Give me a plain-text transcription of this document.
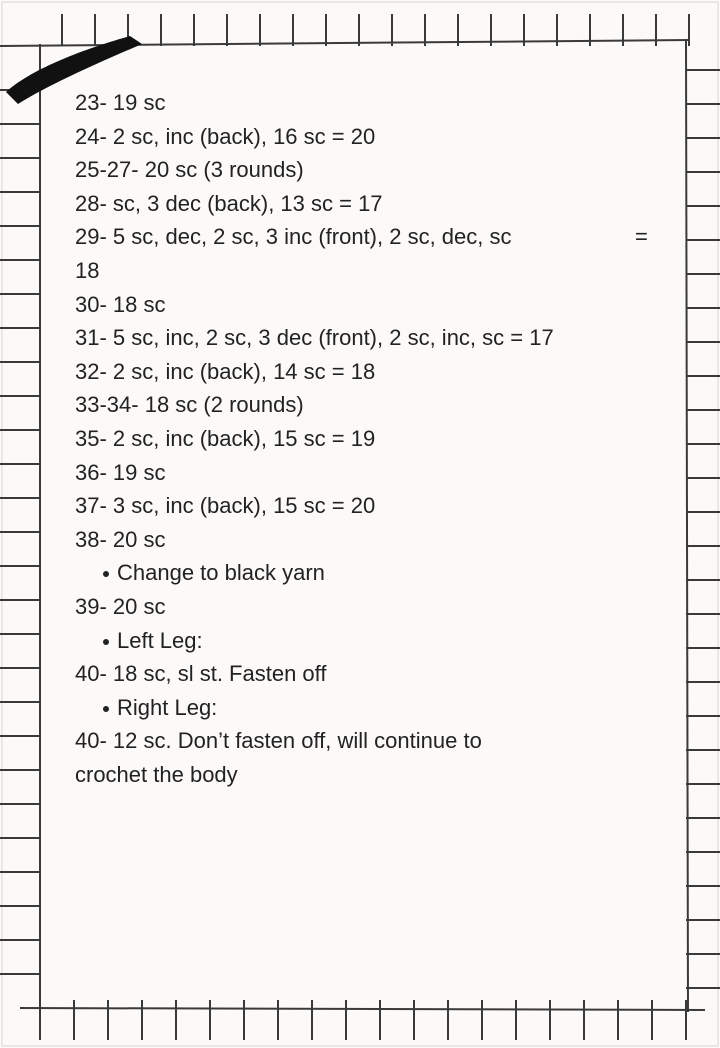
23- 19 sc
24- 2 sc, inc (back), 16 sc = 20
25-27- 20 sc (3 rounds)
28- sc, 3 dec (back), 13 sc = 17
29- 5 sc, dec, 2 sc, 3 inc (front), 2 sc, dec, sc	=
18
30- 18 sc
31- 5 sc, inc, 2 sc, 3 dec (front), 2 sc, inc, sc = 17
32- 2 sc, inc (back), 14 sc = 18
33-34- 18 sc (2 rounds)
35- 2 sc, inc (back), 15 sc = 19
36- 19 sc
37- 3 sc, inc (back), 15 sc = 20
38- 20 sc
Change to black yarn
39- 20 sc
Left Leg:
40- 18 sc, sl st. Fasten off
Right Leg:
40- 12 sc. Don’t fasten off, will continue to
crochet the body
